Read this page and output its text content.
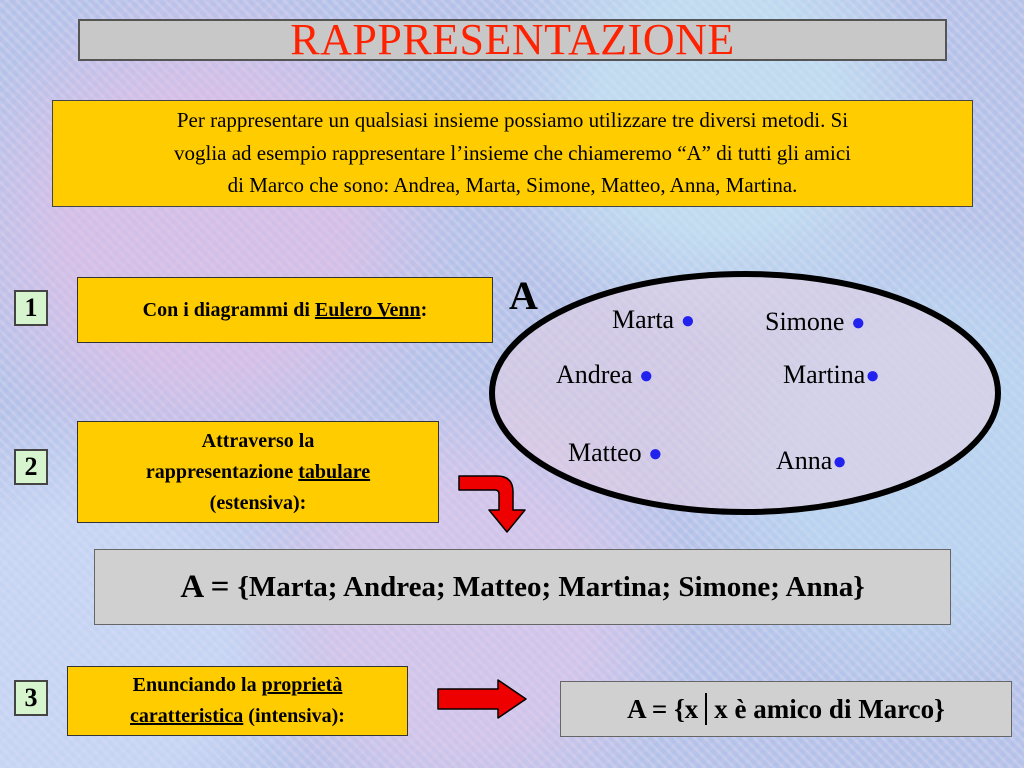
RAPPRESENTAZIONE
Per rappresentare un qualsiasi insieme possiamo utilizzare tre diversi metodi. Si
voglia ad esempio rappresentare l’insieme che chiameremo “A” di tutti gli amici
di Marco che sono: Andrea, Marta, Simone, Matteo, Anna, Martina.
1	Con i diagrammi di Eulero Venn: A
Marta ●	Simone ●
Andrea ●	Martina●
Matteo ●	Anna●
2
Attraverso la
rappresentazione tabulare
(estensiva):
A = {Marta; Andrea; Matteo; Martina; Simone; Anna}
3	Enunciando la proprietà
caratteristica (intensiva):	A = {x x è amico di Marco}
